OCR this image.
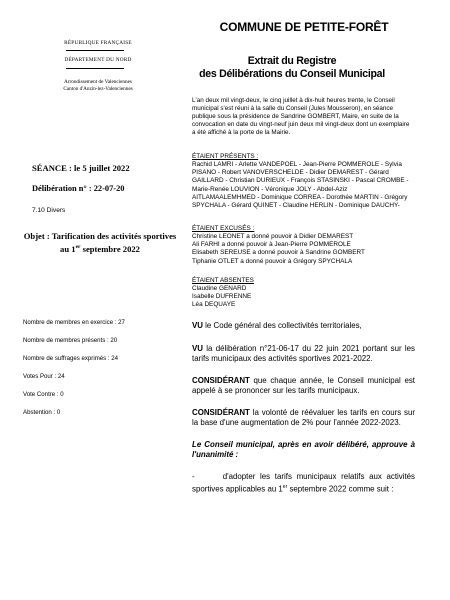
RÉPUBLIQUE FRANÇAISE
DÉPARTEMENT DU NORD
Arrondissement de Valenciennes
Canton d'Anzin-lez-Valenciennes
COMMUNE DE PETITE-FORÊT
Extrait du Registre
des Délibérations du Conseil Municipal
L'an deux mil vingt-deux, le cinq juillet à dix-huit heures trente, le Conseil
municipal s'est réuni à la salle du Conseil (Jules Mousseron), en séance
publique sous la présidence de Sandrine GOMBERT, Maire, en suite de la
convocation en date du vingt-neuf juin deux mil vingt-deux dont un exemplaire
a été affiché à la porte de la Mairie.
ÉTAIENT PRÉSENTS :
Rachid LAMRI - Arlette VANDEPOEL - Jean-Pierre POMMEROLE - Sylvia
PISANO - Robert VANOVERSCHELDE - Didier DEMAREST - Gérard
GAILLARD - Christian DURIEUX - François STASINSKI - Pascal CROMBE -
Marie-Renée LOUVION - Véronique JOLY - Abdel-Aziz
AITLAMAALEMHMED - Dominique CORREA - Dorothée MARTIN - Grégory
SPYCHALA - Gérard QUINET - Claudine HERLIN - Dominique DAUCHY-
ÉTAIENT EXCUSÉS :
Christine LEONET a donné pouvoir à Didier DEMAREST
Ali FARHI a donné pouvoir à Jean-Pierre POMMEROLE
Elisabeth SEREUSE a donné pouvoir à Sandrine GOMBERT
Tiphanie OTLET a donné pouvoir à Grégory SPYCHALA
ÉTAIENT ABSENTES
Claudine GENARD
Isabelle DUFRENNE
Léa DEQUAYE
SÉANCE : le 5 juillet 2022
Délibération n° : 22-07-20
7.10 Divers
Objet : Tarification des activités sportives
au 1er septembre 2022
Nombre de membres en exercice : 27
Nombre de membres présents : 20
Nombre de suffrages exprimés : 24
Votes Pour : 24
Vote Contre : 0
Abstention : 0
VU le Code général des collectivités territoriales,
VU la délibération n°21-06-17 du 22 juin 2021 portant sur les tarifs municipaux des activités sportives 2021-2022.
CONSIDÉRANT que chaque année, le Conseil municipal est appelé à se prononcer sur les tarifs municipaux.
CONSIDÉRANT la volonté de réévaluer les tarifs en cours sur la base d'une augmentation de 2% pour l'année 2022-2023.
Le Conseil municipal, après en avoir délibéré, approuve à l'unanimité :
-      d'adopter les tarifs municipaux relatifs aux activités sportives applicables au 1er septembre 2022 comme suit :
